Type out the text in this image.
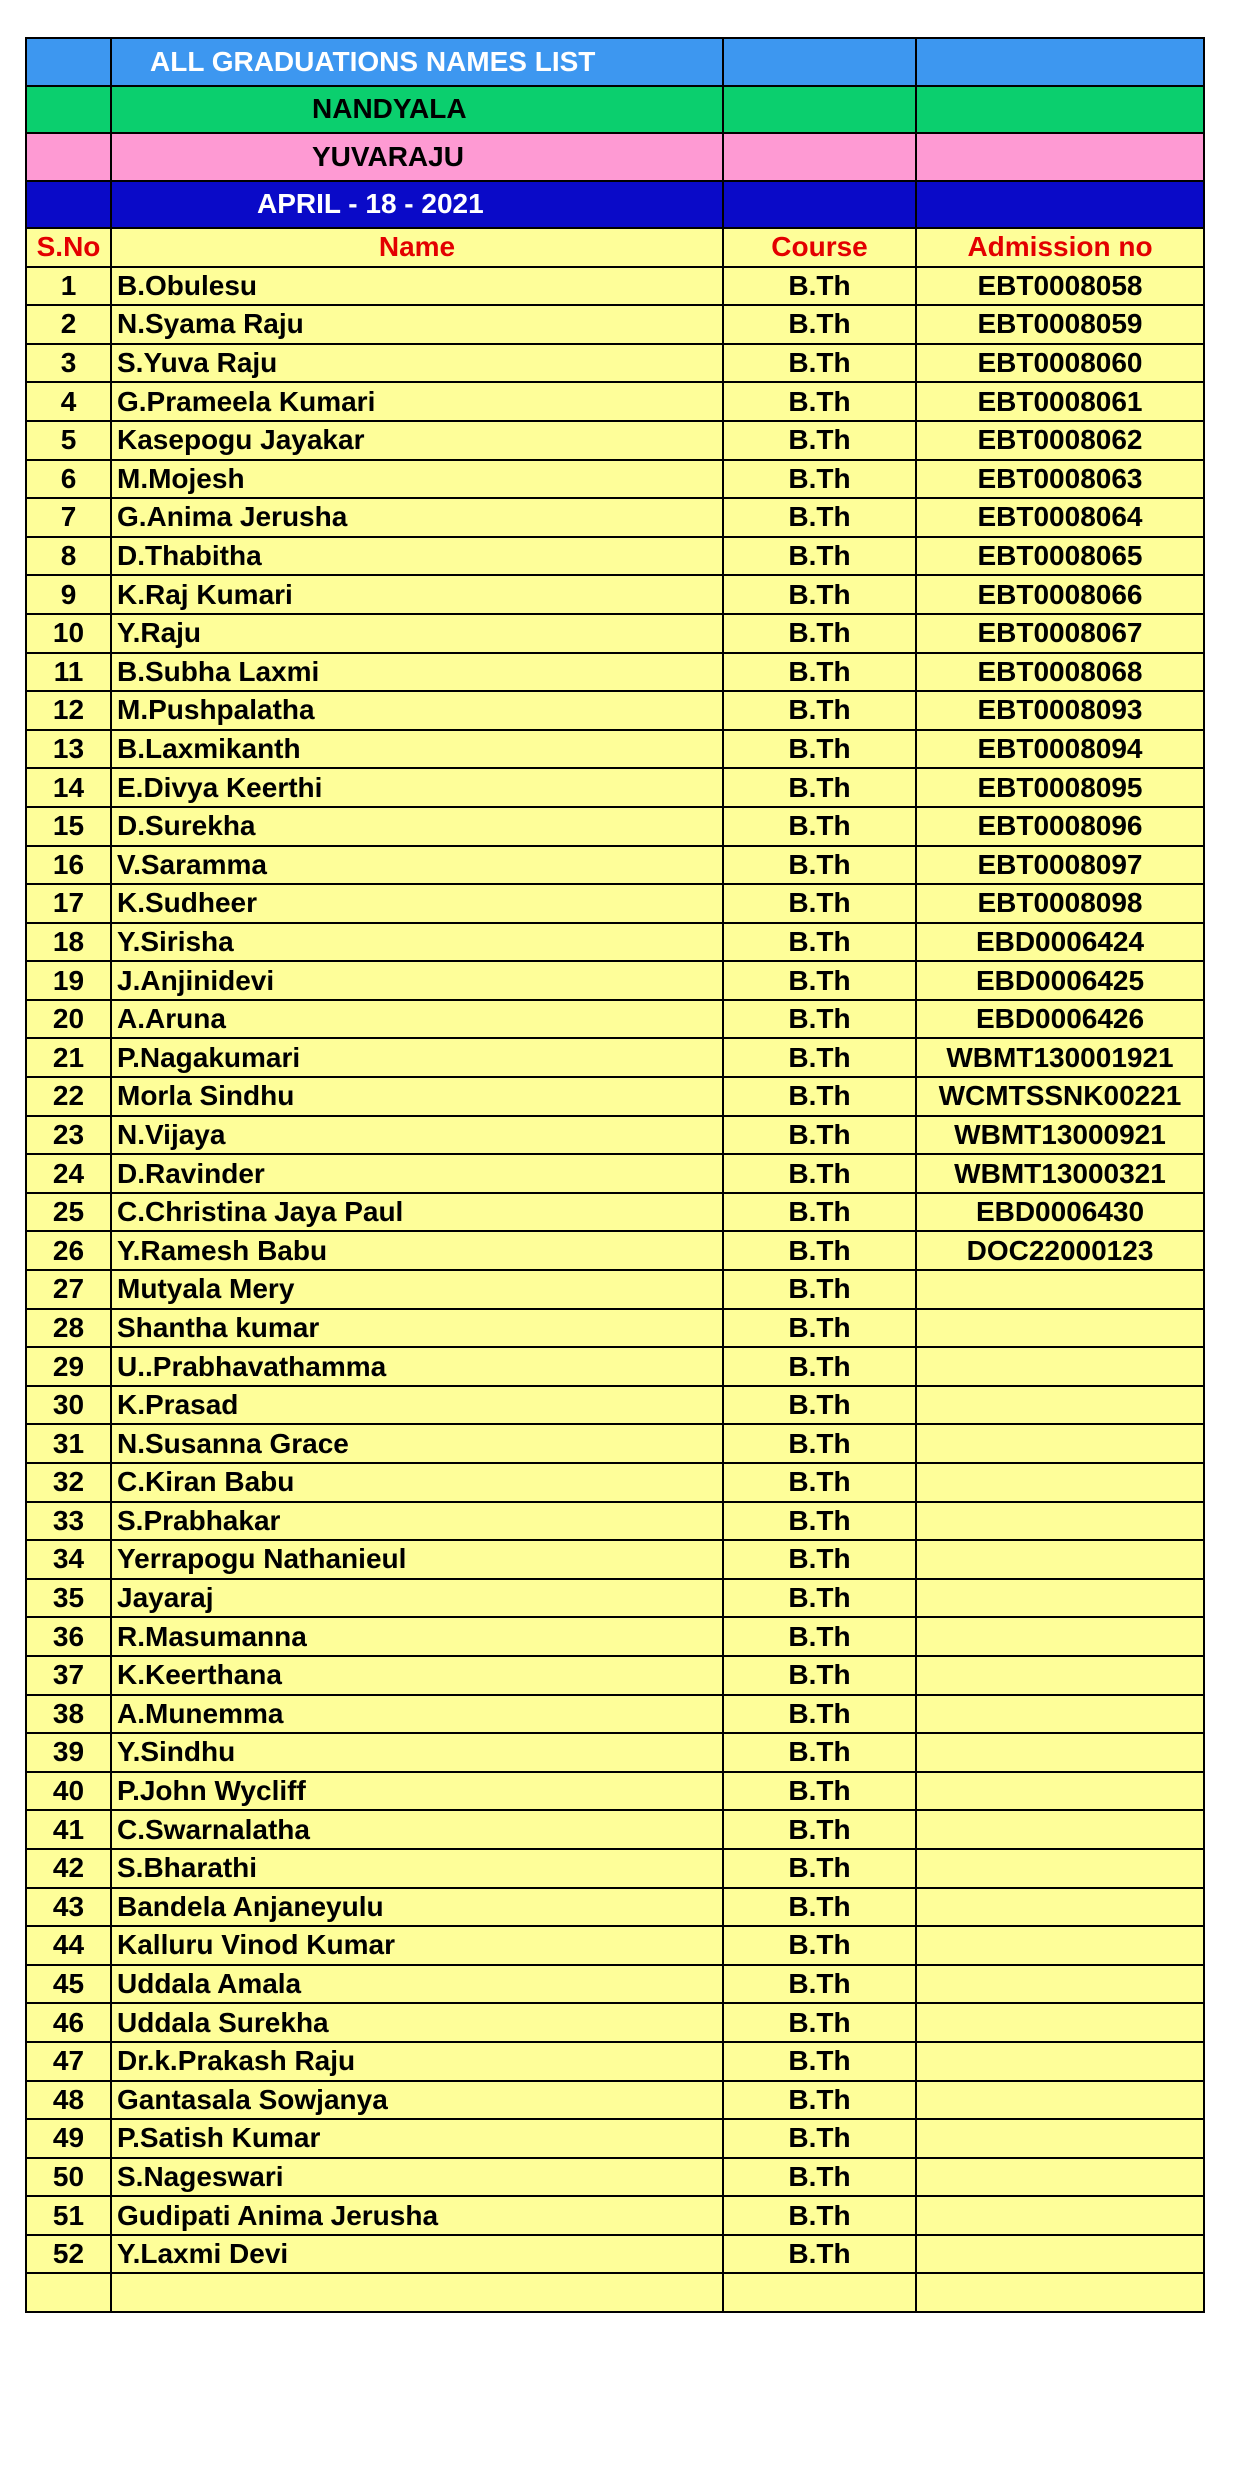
	ALL GRADUATIONS NAMES LIST		
	NANDYALA		
	YUVARAJU		
	APRIL - 18 - 2021		
S.No	Name	Course	Admission no
1	B.Obulesu	B.Th	EBT0008058
2	N.Syama Raju	B.Th	EBT0008059
3	S.Yuva Raju	B.Th	EBT0008060
4	G.Prameela Kumari	B.Th	EBT0008061
5	Kasepogu Jayakar	B.Th	EBT0008062
6	M.Mojesh	B.Th	EBT0008063
7	G.Anima Jerusha	B.Th	EBT0008064
8	D.Thabitha	B.Th	EBT0008065
9	K.Raj Kumari	B.Th	EBT0008066
10	Y.Raju	B.Th	EBT0008067
11	B.Subha Laxmi	B.Th	EBT0008068
12	M.Pushpalatha	B.Th	EBT0008093
13	B.Laxmikanth	B.Th	EBT0008094
14	E.Divya Keerthi	B.Th	EBT0008095
15	D.Surekha	B.Th	EBT0008096
16	V.Saramma	B.Th	EBT0008097
17	K.Sudheer	B.Th	EBT0008098
18	Y.Sirisha	B.Th	EBD0006424
19	J.Anjinidevi	B.Th	EBD0006425
20	A.Aruna	B.Th	EBD0006426
21	P.Nagakumari	B.Th	WBMT130001921
22	Morla Sindhu	B.Th	WCMTSSNK00221
23	N.Vijaya	B.Th	WBMT13000921
24	D.Ravinder	B.Th	WBMT13000321
25	C.Christina Jaya Paul	B.Th	EBD0006430
26	Y.Ramesh Babu	B.Th	DOC22000123
27	Mutyala Mery	B.Th	
28	Shantha kumar	B.Th	
29	U..Prabhavathamma	B.Th	
30	K.Prasad	B.Th	
31	N.Susanna Grace	B.Th	
32	C.Kiran Babu	B.Th	
33	S.Prabhakar	B.Th	
34	Yerrapogu Nathanieul	B.Th	
35	Jayaraj	B.Th	
36	R.Masumanna	B.Th	
37	K.Keerthana	B.Th	
38	A.Munemma	B.Th	
39	Y.Sindhu	B.Th	
40	P.John Wycliff	B.Th	
41	C.Swarnalatha	B.Th	
42	S.Bharathi	B.Th	
43	Bandela Anjaneyulu	B.Th	
44	Kalluru Vinod Kumar	B.Th	
45	Uddala Amala	B.Th	
46	Uddala Surekha	B.Th	
47	Dr.k.Prakash Raju	B.Th	
48	Gantasala Sowjanya	B.Th	
49	P.Satish Kumar	B.Th	
50	S.Nageswari	B.Th	
51	Gudipati Anima Jerusha	B.Th	
52	Y.Laxmi Devi	B.Th	
